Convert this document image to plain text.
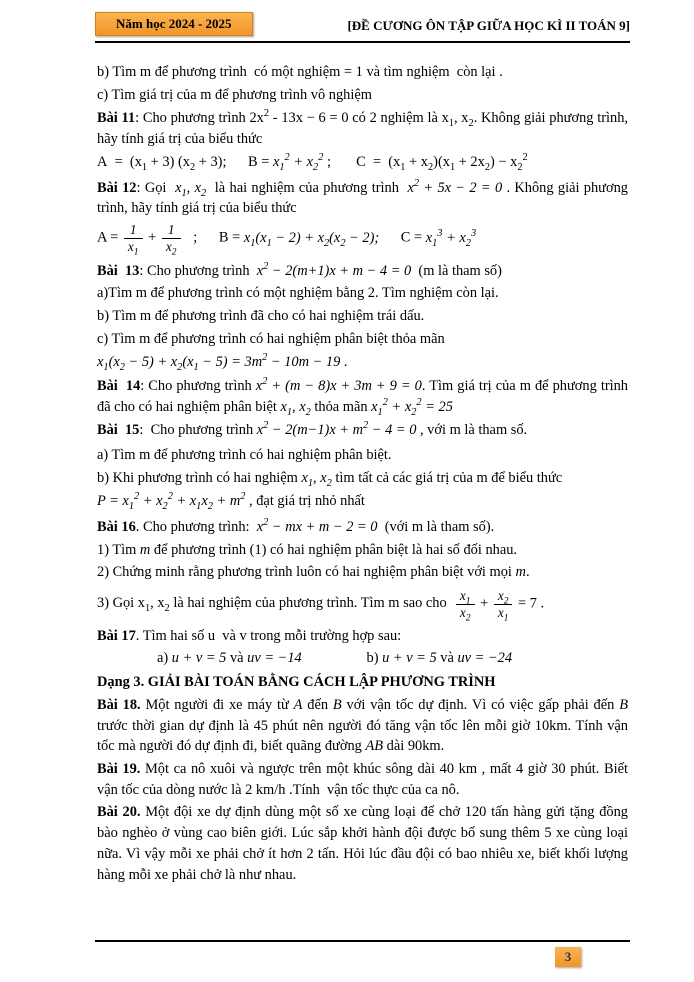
Năm học 2024 - 2025	[ĐỀ CƯƠNG ÔN TẬP GIỮA HỌC KÌ II TOÁN 9]

b) Tìm m để phương trình  có một nghiệm = 1 và tìm nghiệm  còn lại .

c) Tìm giá trị của m để phương trình vô nghiệm

Bài 11: Cho phương trình $2x^2 - 13x - 6 = 0$ có 2 nghiệm là $x_1$, $x_2$. Không giải phương trình, hãy tính giá trị của biểu thức

$A = (x_1 + 3) (x_2 + 3)$;      $B = x_1^2 + x_2^2$ ;       $C = (x_1 + x_2)(x_1 + 2x_2) - x_2^2$

Bài 12: Gọi  $x_1$, $x_2$  là hai nghiệm của phương trình  $x^2 + 5x - 2 = 0$ . Không giải phương trình, hãy tính giá trị của biểu thức

$A = \frac{1}{x_1} + \frac{1}{x_2}$ ;      $B = x_1(x_1 - 2) + x_2(x_2 - 2)$;      $C = x_1^3 + x_2^3$

Bài  13: Cho phương trình  $x^2 - 2(m+1)x + m - 4 = 0$  (m là tham số)

a)Tìm m để phương trình có một nghiệm bằng 2. Tìm nghiệm còn lại.

b) Tìm m để phương trình đã cho có hai nghiệm trái dấu.

c) Tìm m để phương trình có hai nghiệm phân biệt thỏa mãn

$x_1(x_2 - 5) + x_2(x_1 - 5) = 3m^2 - 10m - 19$ .

Bài  14: Cho phương trình $x^2 + (m - 8)x + 3m + 9 = 0$. Tìm giá trị của m để phương trình đã cho có hai nghiệm phân biệt $x_1$, $x_2$ thỏa mãn $x_1^2 + x_2^2 = 25$

Bài  15:  Cho phương trình $x^2 - 2(m-1)x + m^2 - 4 = 0$ , với m là tham số.

a) Tìm m để phương trình có hai nghiệm phân biệt.

b) Khi phương trình có hai nghiệm $x_1$, $x_2$ tìm tất cả các giá trị của m để biểu thức

$P = x_1^2 + x_2^2 + x_1x_2 + m^2$ , đạt giá trị nhỏ nhất

Bài 16. Cho phương trình:  $x^2$ − mx + m − 2 = 0  (với m là tham số).

1) Tìm m để phương trình (1) có hai nghiệm phân biệt là hai số đối nhau.

2) Chứng minh rằng phương trình luôn có hai nghiệm phân biệt với mọi m.

3) Gọi $x_1$, $x_2$ là hai nghiệm của phương trình. Tìm m sao cho $\frac{x_1}{x_2} + \frac{x_2}{x_1} = 7$ .

Bài 17. Tìm hai số u  và v trong mỗi trường hợp sau:

a) u + v = 5 và uv = −14                  b) u + v = 5 và uv = −24

Dạng 3. GIẢI BÀI TOÁN BẰNG CÁCH LẬP PHƯƠNG TRÌNH

Bài 18. Một người đi xe máy từ A đến B với vận tốc dự định. Vì có việc gấp phải đến B trước thời gian dự định là 45 phút nên người đó tăng vận tốc lên mỗi giờ 10km. Tính vận tốc mà người đó dự định đi, biết quãng đường AB dài 90km.

Bài 19. Một ca nô xuôi và ngược trên một khúc sông dài 40 km , mất 4 giờ 30 phút. Biết vận tốc của dòng nước là 2 km/h .Tính  vận tốc thực của ca nô.

Bài 20. Một đội xe dự định dùng một số xe cùng loại để chở 120 tấn hàng gửi tặng đồng bào nghèo ở vùng cao biên giới. Lúc sắp khởi hành đội được bổ sung thêm 5 xe cùng loại nữa. Vì vậy mỗi xe phải chở ít hơn 2 tấn. Hỏi lúc đầu đội có bao nhiêu xe, biết khối lượng hàng mỗi xe phải chở là như nhau.

3
